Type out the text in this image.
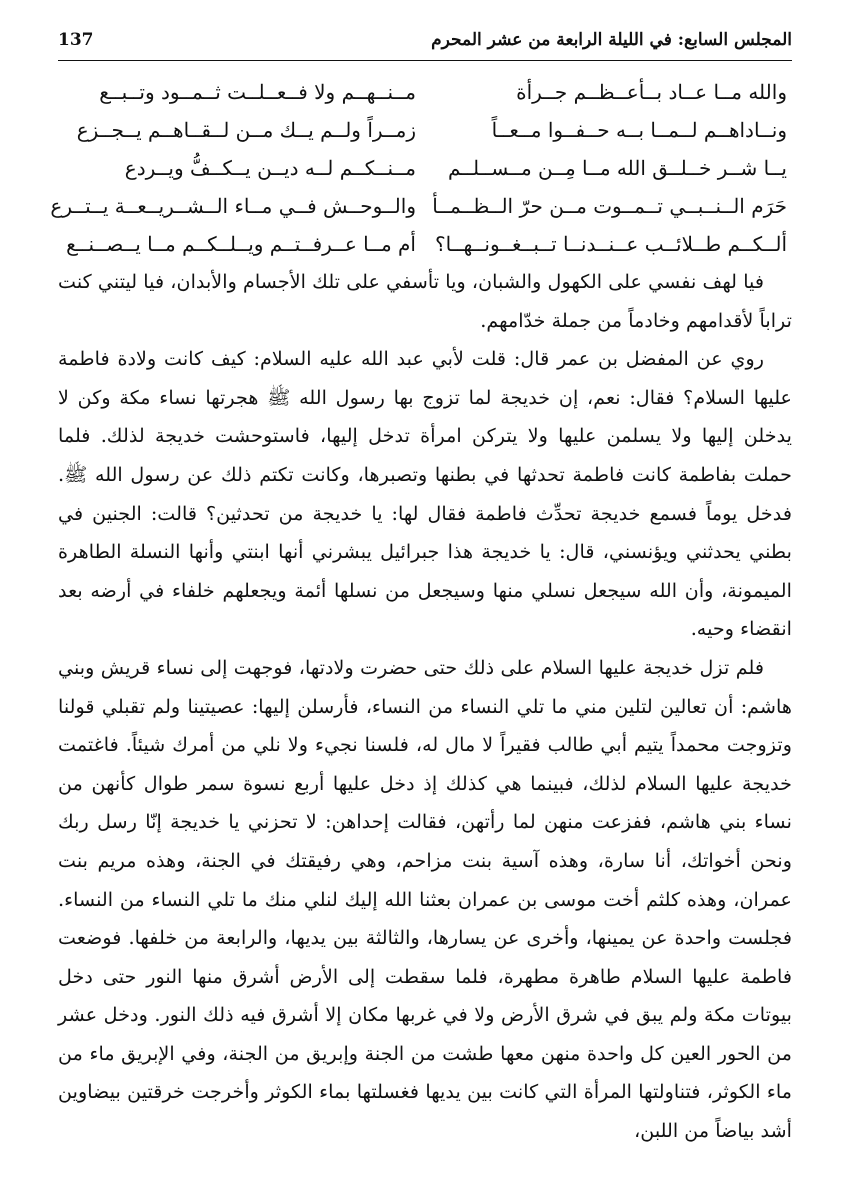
المجلس السابع: في الليلة الرابعة من عشر المحرم
137
والله مــا عــاد بــأعــظــم جــرأة
مــنــهــم ولا فــعــلــت ثــمــود وتــبــع
ونــاداهــم لــمــا بــه حــفــوا مــعــاً
زمــراً ولــم يــك مــن لــقــاهــم يــجــزع
يــا شــر خــلــق الله مــا مِــن مــســلــم
مــنــكــم لــه ديــن يــكــفُّ ويــردع
حَرَم الــنــبــي تــمــوت مــن حرّ الــظــمــأ
والــوحــش فــي مــاء الــشــريــعــة يــتــرع
ألــكــم طــلائــب عــنــدنــا تــبــغــونــهــا؟
أم مــا عــرفــتــم ويــلــكــم مــا يــصــنــع

فيا لهف نفسي على الكهول والشبان، ويا تأسفي على تلك الأجسام والأبدان، فيا ليتني كنت تراباً لأقدامهم وخادماً من جملة خدّامهم.

روي عن المفضل بن عمر قال: قلت لأبي عبد الله عليه السلام: كيف كانت ولادة فاطمة عليها السلام؟ فقال: نعم، إن خديجة لما تزوج بها رسول الله ﷺ هجرتها نساء مكة وكن لا يدخلن إليها ولا يسلمن عليها ولا يتركن امرأة تدخل إليها، فاستوحشت خديجة لذلك. فلما حملت بفاطمة كانت فاطمة تحدثها في بطنها وتصبرها، وكانت تكتم ذلك عن رسول الله ﷺ. فدخل يوماً فسمع خديجة تحدِّث فاطمة فقال لها: يا خديجة من تحدثين؟ قالت: الجنين في بطني يحدثني ويؤنسني، قال: يا خديجة هذا جبرائيل يبشرني أنها ابنتي وأنها النسلة الطاهرة الميمونة، وأن الله سيجعل نسلي منها وسيجعل من نسلها أئمة ويجعلهم خلفاء في أرضه بعد انقضاء وحيه.

فلم تزل خديجة عليها السلام على ذلك حتى حضرت ولادتها، فوجهت إلى نساء قريش وبني هاشم: أن تعالين لتلين مني ما تلي النساء من النساء، فأرسلن إليها: عصيتينا ولم تقبلي قولنا وتزوجت محمداً يتيم أبي طالب فقيراً لا مال له، فلسنا نجيء ولا نلي من أمرك شيئاً. فاغتمت خديجة عليها السلام لذلك، فبينما هي كذلك إذ دخل عليها أربع نسوة سمر طوال كأنهن من نساء بني هاشم، ففزعت منهن لما رأتهن، فقالت إحداهن: لا تحزني يا خديجة إنّا رسل ربك ونحن أخواتك، أنا سارة، وهذه آسية بنت مزاحم، وهي رفيقتك في الجنة، وهذه مريم بنت عمران، وهذه كلثم أخت موسى بن عمران بعثنا الله إليك لنلي منك ما تلي النساء من النساء. فجلست واحدة عن يمينها، وأخرى عن يسارها، والثالثة بين يديها، والرابعة من خلفها. فوضعت فاطمة عليها السلام طاهرة مطهرة، فلما سقطت إلى الأرض أشرق منها النور حتى دخل بيوتات مكة ولم يبق في شرق الأرض ولا في غربها مكان إلا أشرق فيه ذلك النور. ودخل عشر من الحور العين كل واحدة منهن معها طشت من الجنة وإبريق من الجنة، وفي الإبريق ماء من ماء الكوثر، فتناولتها المرأة التي كانت بين يديها فغسلتها بماء الكوثر وأخرجت خرقتين بيضاوين أشد بياضاً من اللبن،
